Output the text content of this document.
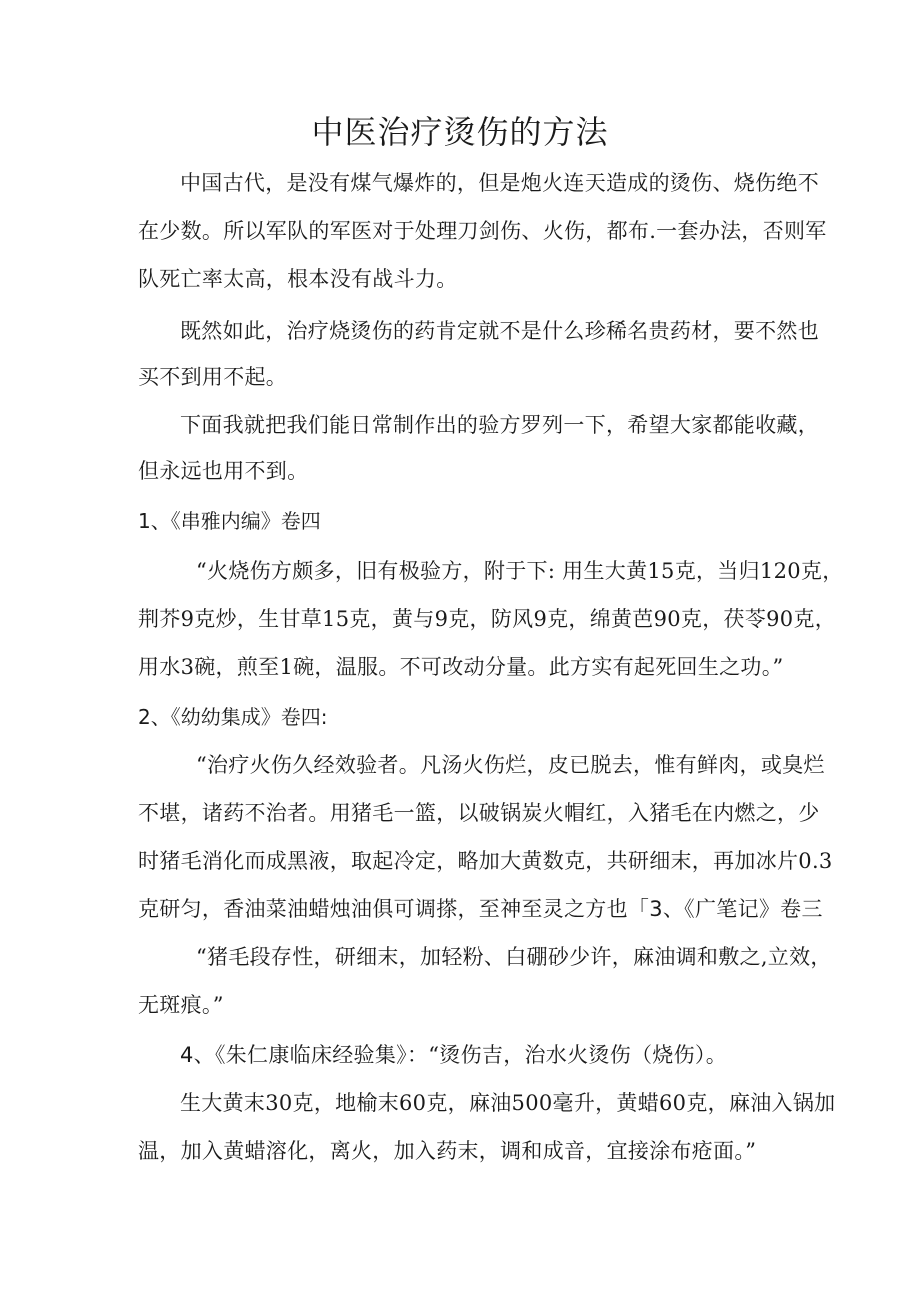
中医治疗烫伤的方法
中国古代，是没有煤气爆炸的，但是炮火连天造成的烫伤、烧伤绝不
在少数。所以军队的军医对于处理刀剑伤、火伤，都布.一套办法，否则军
队死亡率太高，根本没有战斗力。
既然如此，治疗烧烫伤的药肯定就不是什么珍稀名贵药材，要不然也
买不到用不起。
下面我就把我们能日常制作出的验方罗列一下，希望大家都能收藏，
但永远也用不到。
1、《串雅内编》卷四
“火烧伤方颇多，旧有极验方，附于下: 用生大黄15克，当归120克，
荆芥9克炒，生甘草15克，黄与9克，防风9克，绵黄芭90克，茯苓90克，
用水3碗，煎至1碗，温服。不可改动分量。此方实有起死回生之功。”
2、《幼幼集成》卷四:
“治疗火伤久经效验者。凡汤火伤烂，皮已脱去，惟有鲜肉，或臭烂
不堪，诸药不治者。用猪毛一篮，以破锅炭火帽红，入猪毛在内燃之，少
时猪毛消化而成黑液，取起冷定，略加大黄数克，共研细末，再加冰片0.3
克研匀，香油菜油蜡烛油俱可调搽，至神至灵之方也「3、《广笔记》卷三
“猪毛段存性，研细末，加轻粉、白硼砂少许，麻油调和敷之,立效，
无斑痕。”
4、《朱仁康临床经验集》：“烫伤吉，治水火烫伤（烧伤）。
生大黄末30克，地榆末60克，麻油500毫升，黄蜡60克，麻油入锅加
温，加入黄蜡溶化，离火，加入药末，调和成音，宜接涂布疮面。”
